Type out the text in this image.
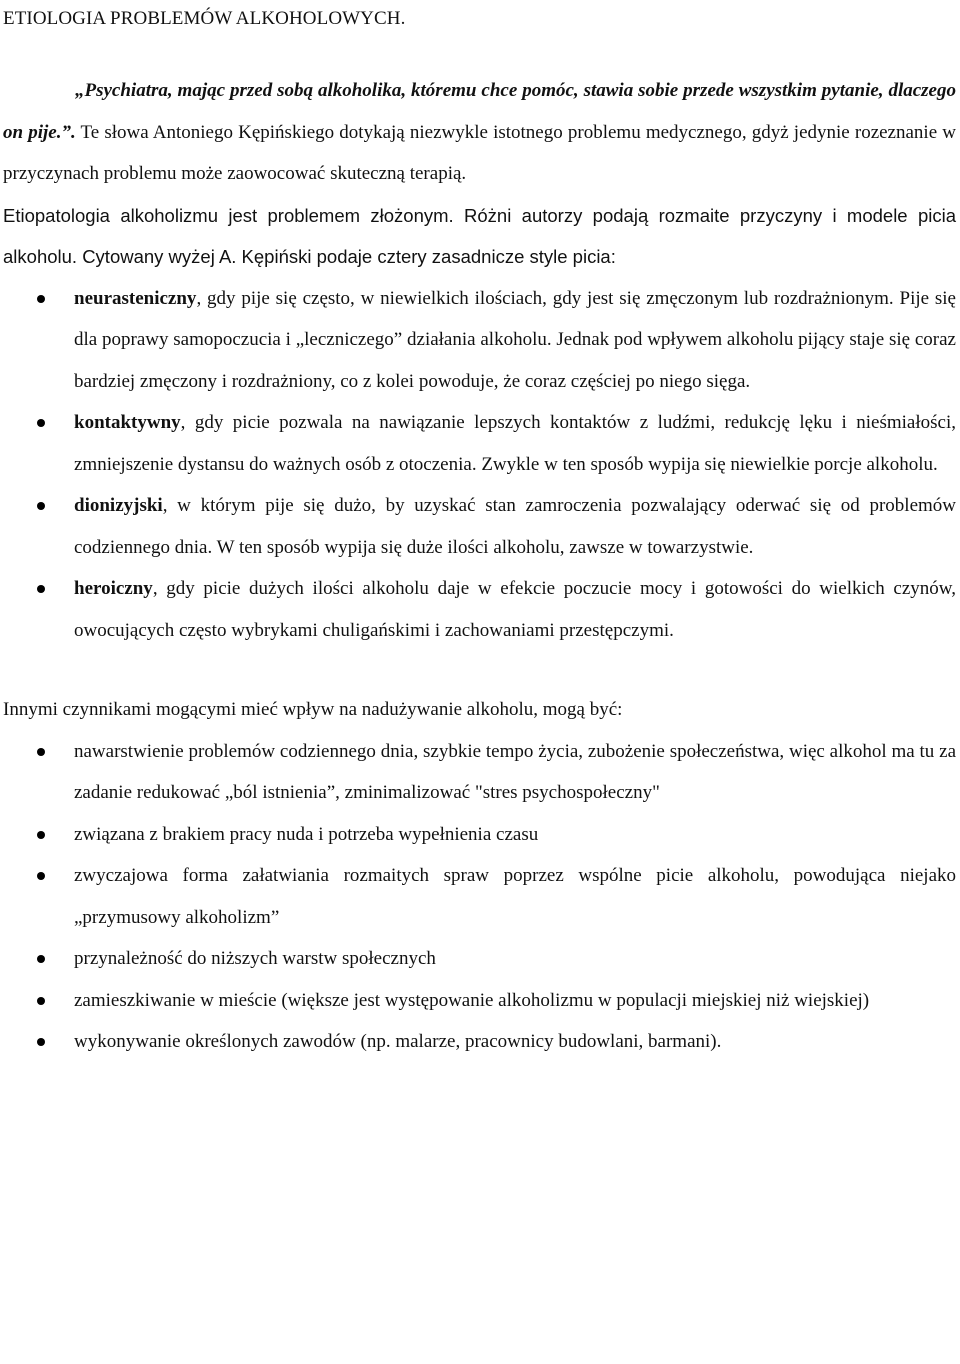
ETIOLOGIA PROBLEMÓW ALKOHOLOWYCH.

„Psychiatra, mając przed sobą alkoholika, któremu chce pomóc, stawia sobie przede wszystkim pytanie, dlaczego on pije.”. Te słowa Antoniego Kępińskiego dotykają niezwykle istotnego problemu medycznego, gdyż jedynie rozeznanie w przyczynach problemu może zaowocować skuteczną terapią.

Etiopatologia alkoholizmu jest problemem złożonym. Różni autorzy podają rozmaite przyczyny i modele picia alkoholu. Cytowany wyżej A. Kępiński podaje cztery zasadnicze style picia:

neurasteniczny, gdy pije się często, w niewielkich ilościach, gdy jest się zmęczonym lub rozdrażnionym. Pije się dla poprawy samopoczucia i „leczniczego” działania alkoholu. Jednak pod wpływem alkoholu pijący staje się coraz bardziej zmęczony i rozdrażniony, co z kolei powoduje, że coraz częściej po niego sięga.
kontaktywny, gdy picie pozwala na nawiązanie lepszych kontaktów z ludźmi, redukcję lęku i nieśmiałości, zmniejszenie dystansu do ważnych osób z otoczenia. Zwykle w ten sposób wypija się niewielkie porcje alkoholu.
dionizyjski, w którym pije się dużo, by uzyskać stan zamroczenia pozwalający oderwać się od problemów codziennego dnia. W ten sposób wypija się duże ilości alkoholu, zawsze w towarzystwie.
heroiczny, gdy picie dużych ilości alkoholu daje w efekcie poczucie mocy i gotowości do wielkich czynów, owocujących często wybrykami chuligańskimi i zachowaniami przestępczymi.

Innymi czynnikami mogącymi mieć wpływ na nadużywanie alkoholu, mogą być:

nawarstwienie problemów codziennego dnia, szybkie tempo życia, zubożenie społeczeństwa, więc alkohol ma tu za zadanie redukować „ból istnienia”, zminimalizować "stres psychospołeczny"
związana z brakiem pracy nuda i potrzeba wypełnienia czasu
zwyczajowa forma załatwiania rozmaitych spraw poprzez wspólne picie alkoholu, powodująca niejako „przymusowy alkoholizm”
przynależność do niższych warstw społecznych
zamieszkiwanie w mieście (większe jest występowanie alkoholizmu w populacji miejskiej niż wiejskiej)
wykonywanie określonych zawodów (np. malarze, pracownicy budowlani, barmani).
